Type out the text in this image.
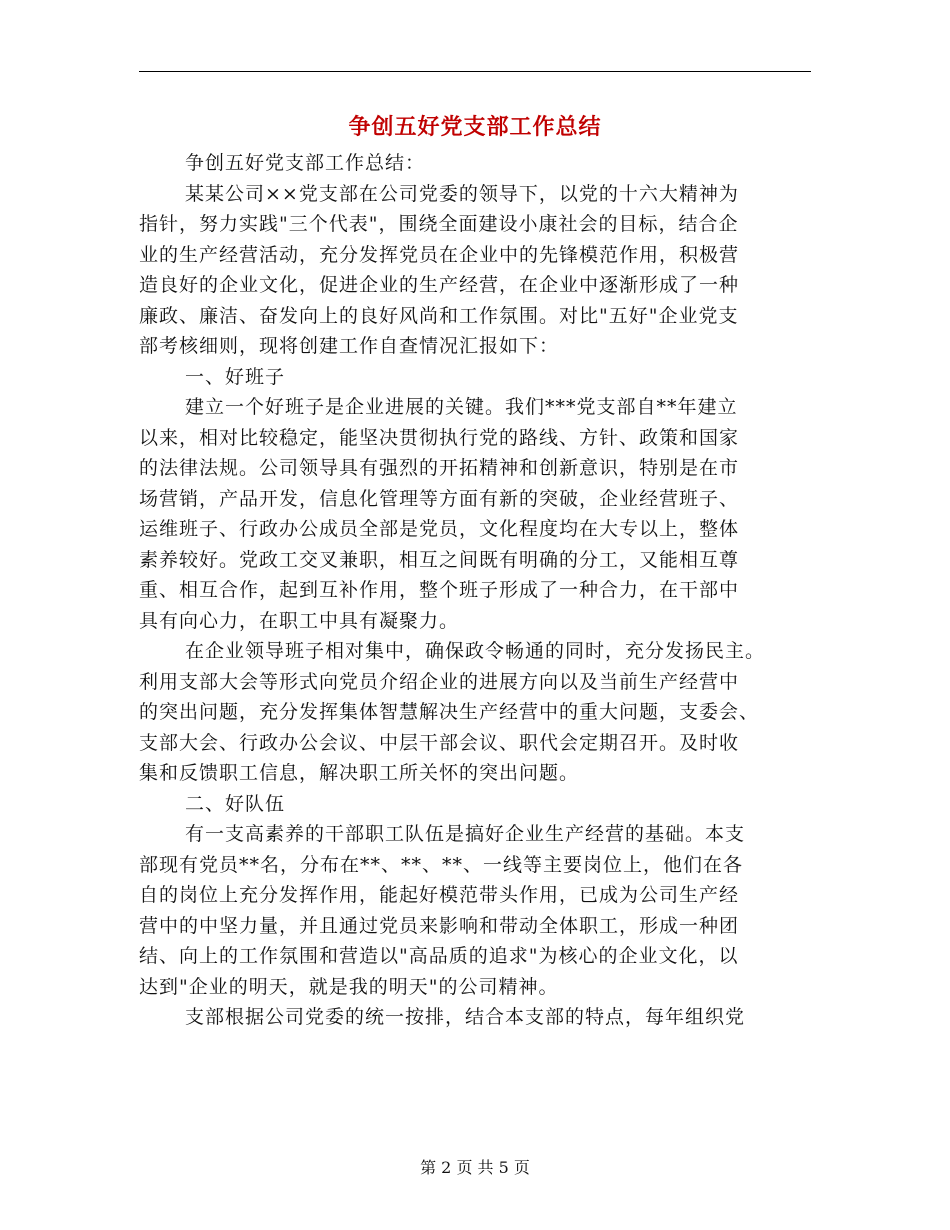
争创五好党支部工作总结
争创五好党支部工作总结：
某某公司××党支部在公司党委的领导下，以党的十六大精神为
指针，努力实践"三个代表"，围绕全面建设小康社会的目标，结合企
业的生产经营活动，充分发挥党员在企业中的先锋模范作用，积极营
造良好的企业文化，促进企业的生产经营，在企业中逐渐形成了一种
廉政、廉洁、奋发向上的良好风尚和工作氛围。对比"五好"企业党支
部考核细则，现将创建工作自查情况汇报如下：
一、好班子
建立一个好班子是企业进展的关键。我们***党支部自**年建立
以来，相对比较稳定，能坚决贯彻执行党的路线、方针、政策和国家
的法律法规。公司领导具有强烈的开拓精神和创新意识，特别是在市
场营销，产品开发，信息化管理等方面有新的突破，企业经营班子、
运维班子、行政办公成员全部是党员，文化程度均在大专以上，整体
素养较好。党政工交叉兼职，相互之间既有明确的分工，又能相互尊
重、相互合作，起到互补作用，整个班子形成了一种合力，在干部中
具有向心力，在职工中具有凝聚力。
在企业领导班子相对集中，确保政令畅通的同时，充分发扬民主。
利用支部大会等形式向党员介绍企业的进展方向以及当前生产经营中
的突出问题，充分发挥集体智慧解决生产经营中的重大问题，支委会、
支部大会、行政办公会议、中层干部会议、职代会定期召开。及时收
集和反馈职工信息，解决职工所关怀的突出问题。
二、好队伍
有一支高素养的干部职工队伍是搞好企业生产经营的基础。本支
部现有党员**名，分布在**、**、**、一线等主要岗位上，他们在各
自的岗位上充分发挥作用，能起好模范带头作用，已成为公司生产经
营中的中坚力量，并且通过党员来影响和带动全体职工，形成一种团
结、向上的工作氛围和营造以"高品质的追求"为核心的企业文化，以
达到"企业的明天，就是我的明天"的公司精神。
支部根据公司党委的统一按排，结合本支部的特点，每年组织党
第 2 页 共 5 页
